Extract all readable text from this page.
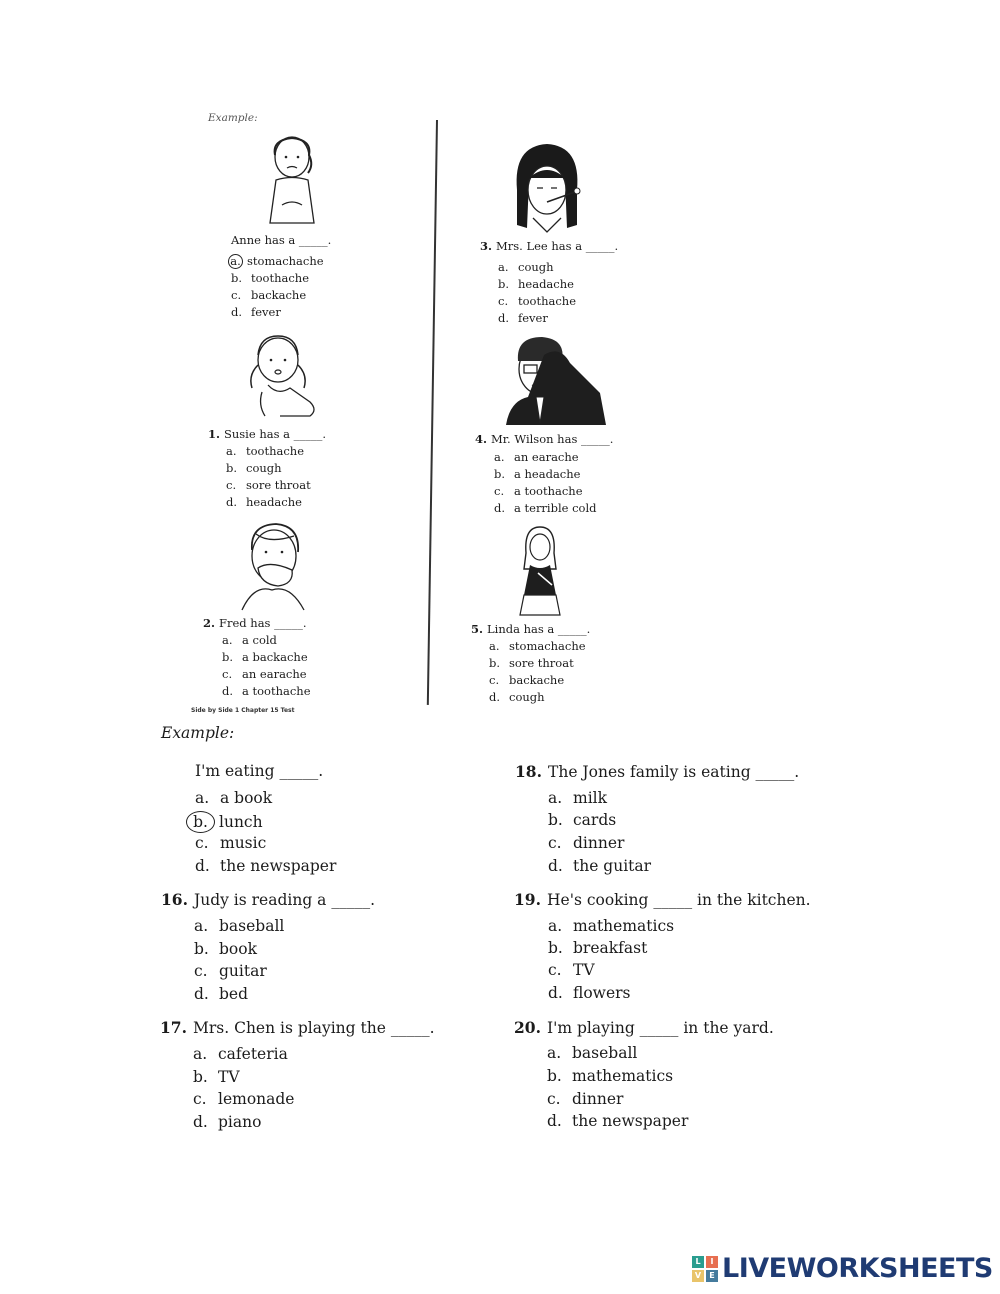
Example:
Anne has a _____.
a. stomachache
b. toothache
c. backache
d. fever
1. Susie has a _____.
a. toothache
b. cough
c. sore throat
d. headache
2. Fred has _____.
a. a cold
b. a backache
c. an earache
d. a toothache
Side by Side 1 Chapter 15 Test
3. Mrs. Lee has a _____.
a. cough
b. headache
c. toothache
d. fever
4. Mr. Wilson has _____.
a. an earache
b. a headache
c. a toothache
d. a terrible cold
5. Linda has a _____.
a. stomachache
b. sore throat
c. backache
d. cough
Example:
I'm eating _____.
a. a book
b. lunch
c. music
d. the newspaper
16. Judy is reading a _____.
a. baseball
b. book
c. guitar
d. bed
17. Mrs. Chen is playing the _____.
a. cafeteria
b. TV
c. lemonade
d. piano
18. The Jones family is eating _____.
a. milk
b. cards
c. dinner
d. the guitar
19. He's cooking _____ in the kitchen.
a. mathematics
b. breakfast
c. TV
d. flowers
20. I'm playing _____ in the yard.
a. baseball
b. mathematics
c. dinner
d. the newspaper
L	I
V	E LIVEWORKSHEETS
